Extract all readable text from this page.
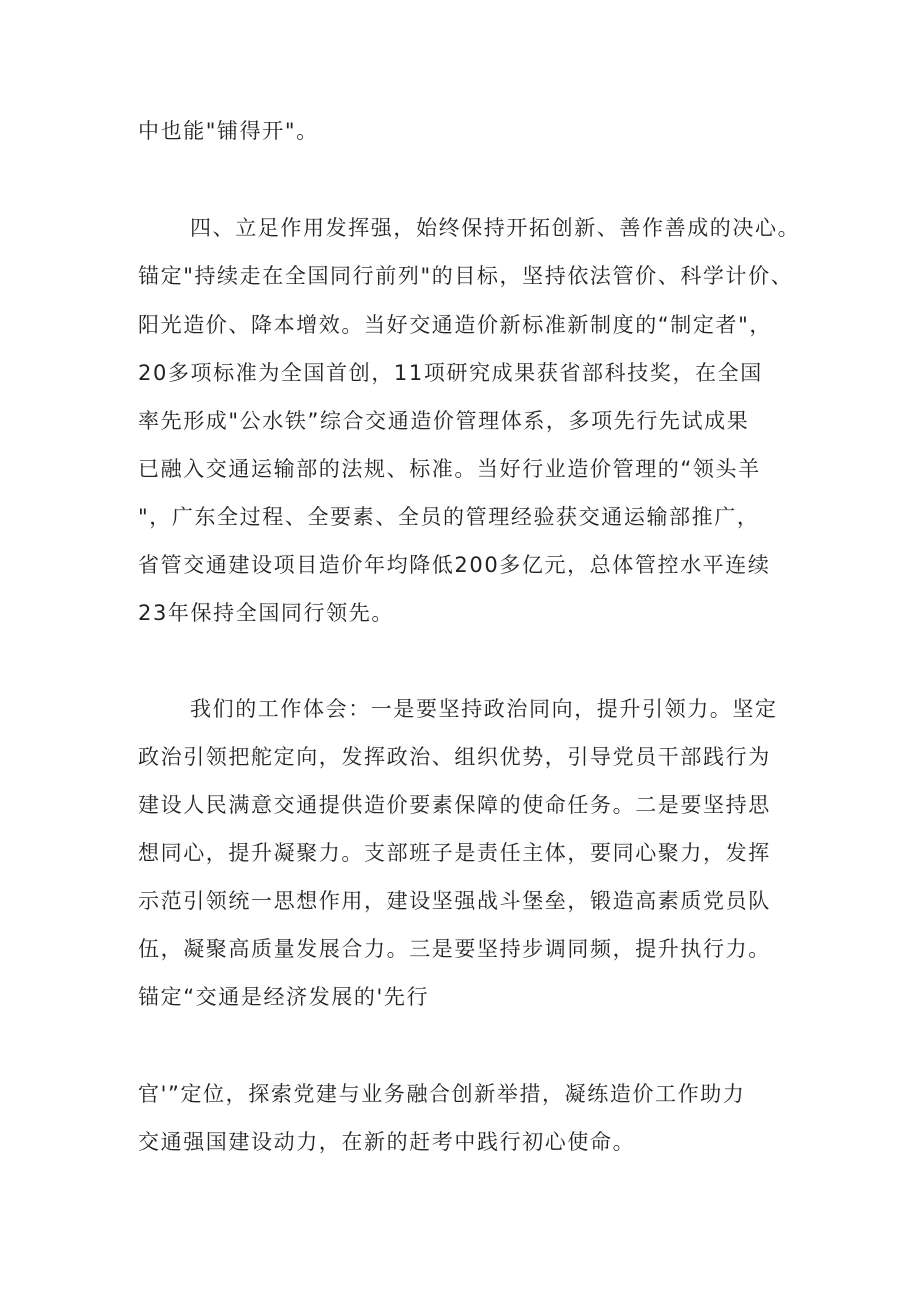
中也能"铺得开"。
四、立足作用发挥强，始终保持开拓创新、善作善成的决心。
锚定"持续走在全国同行前列"的目标，坚持依法管价、科学计价、
阳光造价、降本增效。当好交通造价新标准新制度的“制定者"，
20多项标准为全国首创，11项研究成果获省部科技奖，在全国
率先形成"公水铁”综合交通造价管理体系，多项先行先试成果
已融入交通运输部的法规、标准。当好行业造价管理的“领头羊
"，广东全过程、全要素、全员的管理经验获交通运输部推广，
省管交通建设项目造价年均降低200多亿元，总体管控水平连续
23年保持全国同行领先。
我们的工作体会：一是要坚持政治同向，提升引领力。坚定
政治引领把舵定向，发挥政治、组织优势，引导党员干部践行为
建设人民满意交通提供造价要素保障的使命任务。二是要坚持思
想同心，提升凝聚力。支部班子是责任主体，要同心聚力，发挥
示范引领统一思想作用，建设坚强战斗堡垒，锻造高素质党员队
伍，凝聚高质量发展合力。三是要坚持步调同频，提升执行力。
锚定“交通是经济发展的'先行
官'”定位，探索党建与业务融合创新举措，凝练造价工作助力
交通强国建设动力，在新的赶考中践行初心使命。
